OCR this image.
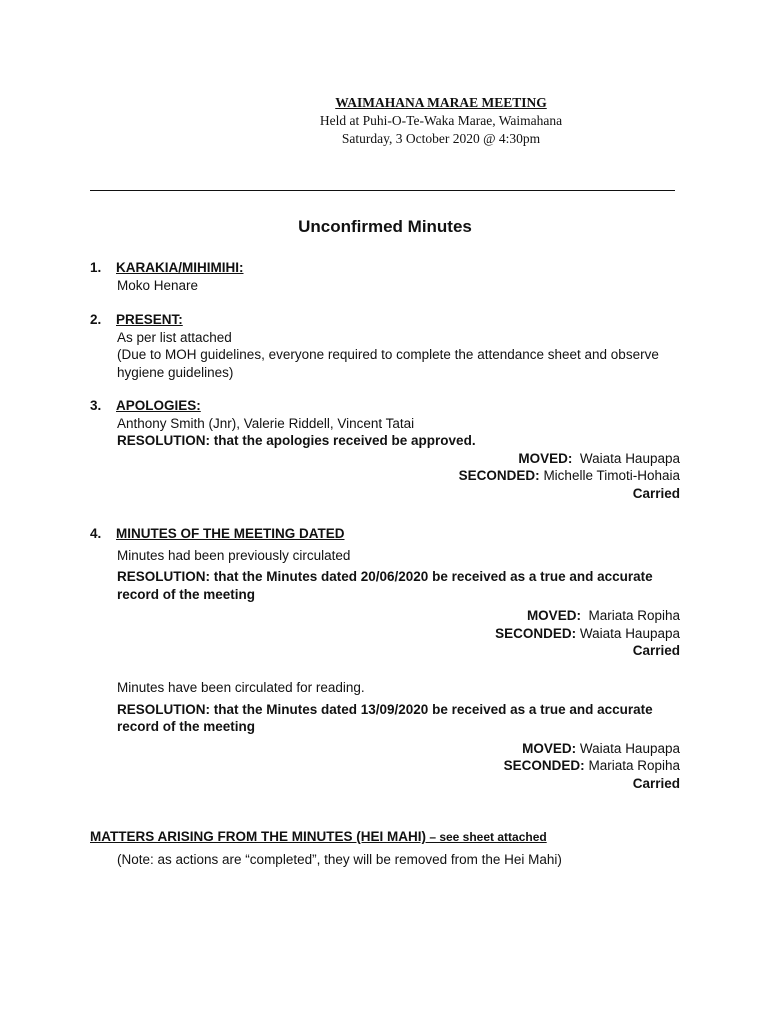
WAIMAHANA MARAE MEETING
Held at Puhi-O-Te-Waka Marae, Waimahana
Saturday, 3 October 2020 @ 4:30pm
Unconfirmed Minutes
1. KARAKIA/MIHIMIHI:
Moko Henare
2. PRESENT:
As per list attached
(Due to MOH guidelines, everyone required to complete the attendance sheet and observe hygiene guidelines)
3. APOLOGIES:
Anthony Smith (Jnr), Valerie Riddell, Vincent Tatai
RESOLUTION: that the apologies received be approved.
MOVED: Waiata Haupapa
SECONDED: Michelle Timoti-Hohaia
Carried
4. MINUTES OF THE MEETING DATED
Minutes had been previously circulated
RESOLUTION: that the Minutes dated 20/06/2020 be received as a true and accurate record of the meeting
MOVED: Mariata Ropiha
SECONDED: Waiata Haupapa
Carried
Minutes have been circulated for reading.
RESOLUTION: that the Minutes dated 13/09/2020 be received as a true and accurate record of the meeting
MOVED: Waiata Haupapa
SECONDED: Mariata Ropiha
Carried
MATTERS ARISING FROM THE MINUTES (HEI MAHI) – see sheet attached
(Note: as actions are “completed”, they will be removed from the Hei Mahi)
